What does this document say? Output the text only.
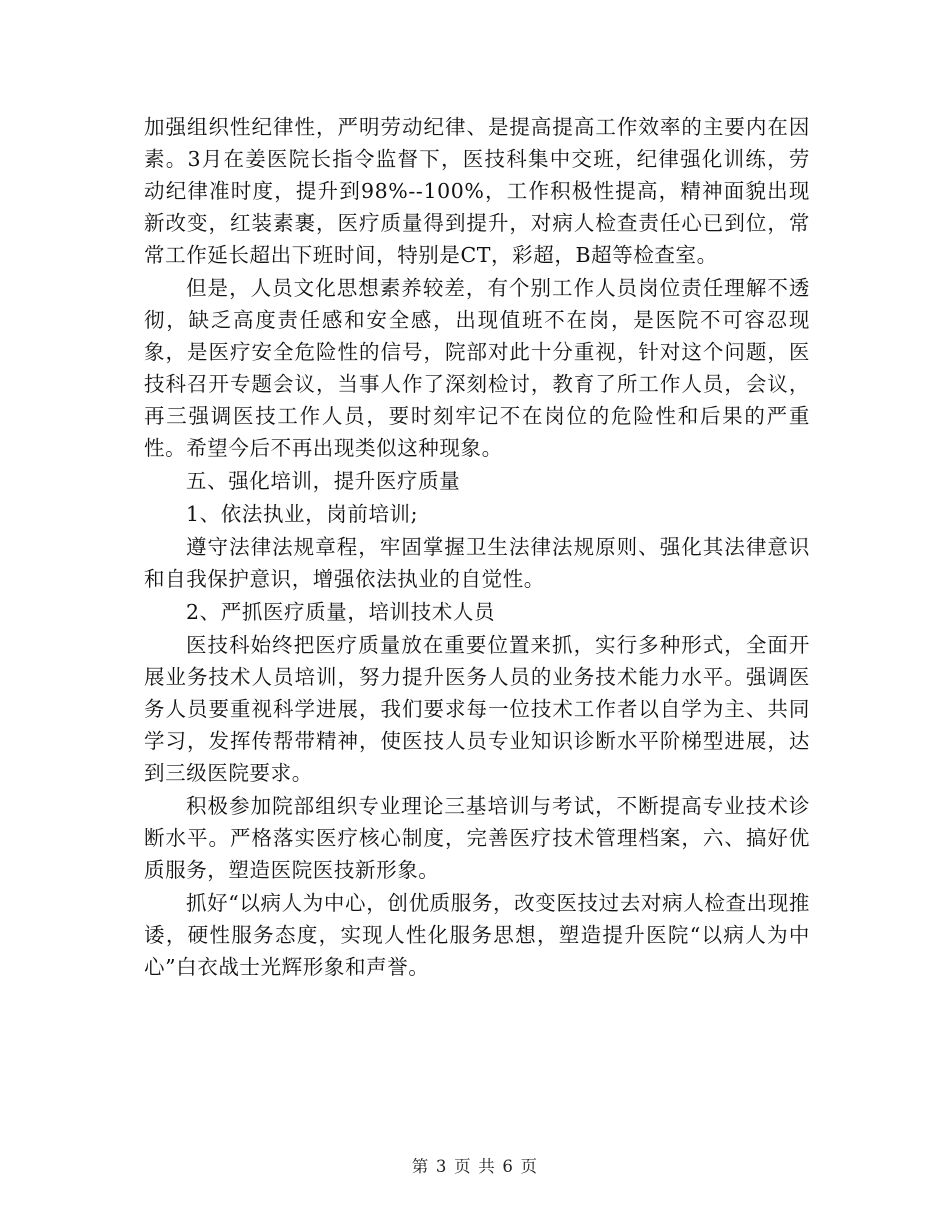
加强组织性纪律性，严明劳动纪律、是提高提高工作效率的主要内在因素。3月在姜医院长指令监督下，医技科集中交班，纪律强化训练，劳动纪律准时度，提升到98%--100%，工作积极性提高，精神面貌出现新改变，红装素裹，医疗质量得到提升，对病人检查责任心已到位，常常工作延长超出下班时间，特别是CT，彩超，B超等检查室。

但是，人员文化思想素养较差，有个别工作人员岗位责任理解不透彻，缺乏高度责任感和安全感，出现值班不在岗，是医院不可容忍现象，是医疗安全危险性的信号，院部对此十分重视，针对这个问题，医技科召开专题会议，当事人作了深刻检讨，教育了所工作人员，会议，再三强调医技工作人员，要时刻牢记不在岗位的危险性和后果的严重性。希望今后不再出现类似这种现象。

五、强化培训，提升医疗质量

1、依法执业，岗前培训;

遵守法律法规章程，牢固掌握卫生法律法规原则、强化其法律意识和自我保护意识，增强依法执业的自觉性。

2、严抓医疗质量，培训技术人员

医技科始终把医疗质量放在重要位置来抓，实行多种形式，全面开展业务技术人员培训，努力提升医务人员的业务技术能力水平。强调医务人员要重视科学进展，我们要求每一位技术工作者以自学为主、共同学习，发挥传帮带精神，使医技人员专业知识诊断水平阶梯型进展，达到三级医院要求。

积极参加院部组织专业理论三基培训与考试，不断提高专业技术诊断水平。严格落实医疗核心制度，完善医疗技术管理档案，六、搞好优质服务，塑造医院医技新形象。

抓好“以病人为中心，创优质服务，改变医技过去对病人检查出现推诿，硬性服务态度，实现人性化服务思想，塑造提升医院“以病人为中心”白衣战士光辉形象和声誉。

第 3 页 共 6 页
